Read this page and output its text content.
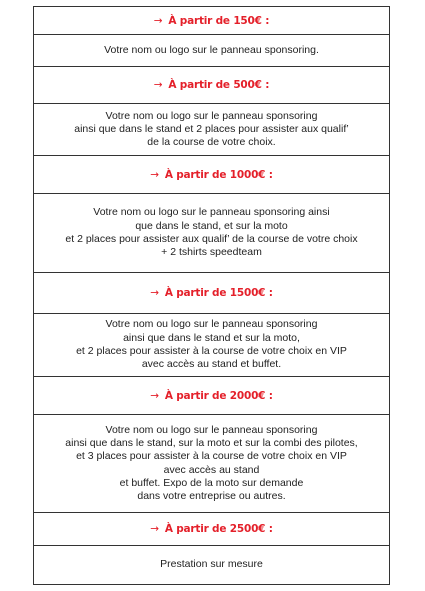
→ À partir de 150€ :
Votre nom ou logo sur le panneau sponsoring.
→ À partir de 500€ :
Votre nom ou logo sur le panneau sponsoring
ainsi que dans le stand et 2 places pour assister aux qualif’
de la course de votre choix.
→ À partir de 1000€ :
Votre nom ou logo sur le panneau sponsoring ainsi
que dans le stand, et sur la moto
et 2 places pour assister aux qualif’ de la course de votre choix
+ 2 tshirts speedteam
→ À partir de 1500€ :
Votre nom ou logo sur le panneau sponsoring
ainsi que dans le stand et sur la moto,
et 2 places pour assister à la course de votre choix en VIP
avec accès au stand et buffet.
→ À partir de 2000€ :
Votre nom ou logo sur le panneau sponsoring
ainsi que dans le stand, sur la moto et sur la combi des pilotes,
et 3 places pour assister à la course de votre choix en VIP
avec accès au stand
et buffet. Expo de la moto sur demande
dans votre entreprise ou autres.
→ À partir de 2500€ :
Prestation sur mesure
